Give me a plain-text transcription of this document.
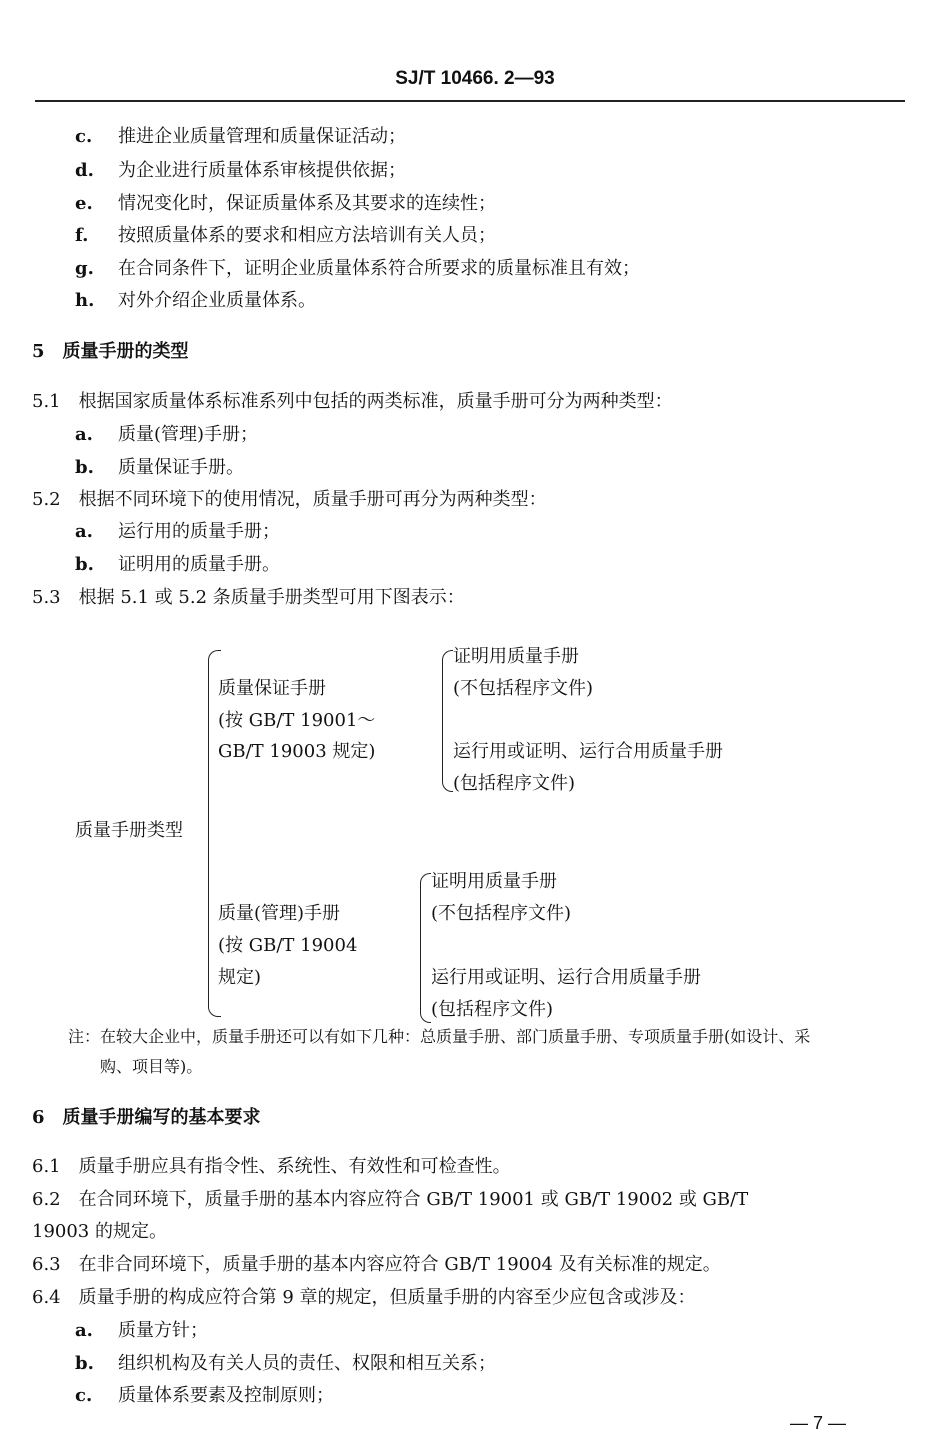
SJ/T 10466. 2—93
c. 推进企业质量管理和质量保证活动；
d. 为企业进行质量体系审核提供依据；
e. 情况变化时，保证质量体系及其要求的连续性；
f. 按照质量体系的要求和相应方法培训有关人员；
g. 在合同条件下，证明企业质量体系符合所要求的质量标准且有效；
h. 对外介绍企业质量体系。
5　质量手册的类型
5.1　根据国家质量体系标准系列中包括的两类标准，质量手册可分为两种类型：
a. 质量(管理)手册；
b. 质量保证手册。
5.2　根据不同环境下的使用情况，质量手册可再分为两种类型：
a. 运行用的质量手册；
b. 证明用的质量手册。
5.3　根据 5.1 或 5.2 条质量手册类型可用下图表示：
质量手册类型
质量保证手册
(按 GB/T 19001～
GB/T 19003 规定)
证明用质量手册
(不包括程序文件)
运行用或证明、运行合用质量手册
(包括程序文件)
质量(管理)手册
(按 GB/T 19004
规定)
证明用质量手册
(不包括程序文件)
运行用或证明、运行合用质量手册
(包括程序文件)
注：在较大企业中，质量手册还可以有如下几种：总质量手册、部门质量手册、专项质量手册(如设计、采
购、项目等)。
6　质量手册编写的基本要求
6.1　质量手册应具有指令性、系统性、有效性和可检查性。
6.2　在合同环境下，质量手册的基本内容应符合 GB/T 19001 或 GB/T 19002 或 GB/T
19003 的规定。
6.3　在非合同环境下，质量手册的基本内容应符合 GB/T 19004 及有关标准的规定。
6.4　质量手册的构成应符合第 9 章的规定，但质量手册的内容至少应包含或涉及：
a. 质量方针；
b. 组织机构及有关人员的责任、权限和相互关系；
c. 质量体系要素及控制原则；
— 7 —
